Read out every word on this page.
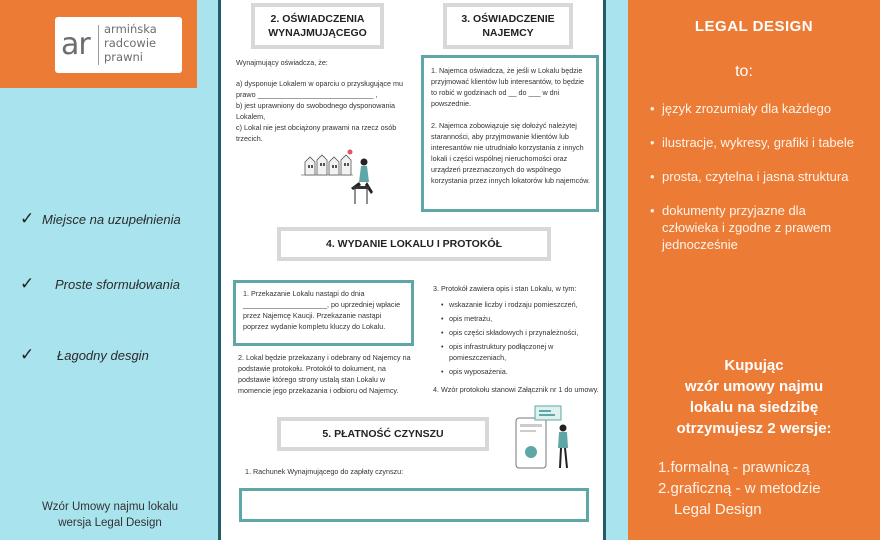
ar armińska
radcowie
prawni
✓ Miejsce na uzupełnienia
✓ Proste sformułowania
✓ Łagodny desgin
Wzór Umowy najmu lokalu
wersja Legal Design
2. OŚWIADCZENIA WYNAJMUJĄCEGO

Wynajmujący oświadcza, że:

a) dysponuje Lokalem w oparciu o przysługujące mu prawo _____________________________ ,

b) jest uprawniony do swobodnego dysponowania Lokalem,

c) Lokal nie jest obciążony prawami na rzecz osób trzecich.

3. OŚWIADCZENIE NAJEMCY

1. Najemca oświadcza, że jeśli w Lokalu będzie przyjmować klientów lub interesantów, to będzie to robić w godzinach od __ do ___ w dni powszednie.

2. Najemca zobowiązuje się dołożyć należytej staranności, aby przyjmowanie klientów lub interesantów nie utrudniało korzystania z innych lokali i części wspólnej nieruchomości oraz urządzeń przeznaczonych do wspólnego korzystania przez innych lokatorów lub najemców.

4. WYDANIE LOKALU I PROTOKÓŁ

1. Przekazanie Lokalu nastąpi do dnia _____________________, po uprzedniej wpłacie przez Najemcę Kaucji. Przekazanie nastąpi poprzez wydanie kompletu kluczy do Lokalu.

2. Lokal będzie przekazany i odebrany od Najemcy na podstawie protokołu. Protokół to dokument, na podstawie którego strony ustalą stan Lokalu w momencie jego przekazania i odbioru od Najemcy.

3. Protokół zawiera opis i stan Lokalu, w tym:

• wskazanie liczby i rodzaju pomieszczeń,
• opis metrażu,
• opis części składowych i przynależności,
• opis infrastruktury podłączonej w pomieszczeniach,
• opis wyposażenia.

4. Wzór protokołu stanowi Załącznik nr 1 do umowy.

5. PŁATNOŚĆ CZYNSZU

1. Rachunek Wynajmującego do zapłaty czynszu:

LEGAL DESIGN
to:
• język zrozumiały dla każdego
• ilustracje, wykresy, grafiki i tabele
• prosta, czytelna i jasna struktura
• dokumenty przyjazne dla człowieka i zgodne z prawem jednocześnie
Kupując
wzór umowy najmu
lokalu na siedzibę
otrzymujesz 2 wersje:
1.formalną - prawniczą
2.graficzną - w metodzie
Legal Design
